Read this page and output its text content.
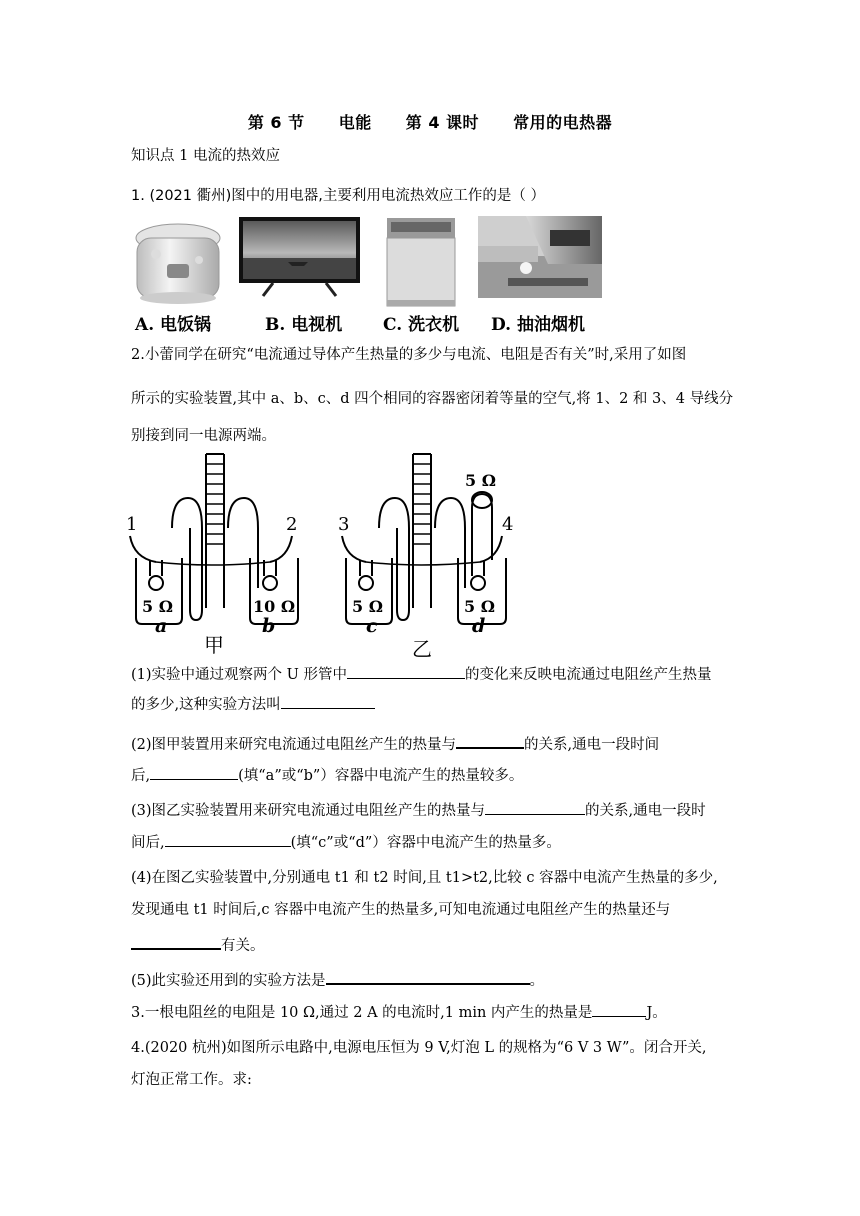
第 6 节 电能 第 4 课时 常用的电热器
知识点 1 电流的热效应
1. (2021 衢州)图中的用电器,主要利用电流热效应工作的是（ ）
A. 电饭锅	B. 电视机 C. 洗衣机 D. 抽油烟机
2.小蕾同学在研究“电流通过导体产生热量的多少与电流、电阻是否有关”时,采用了如图
所示的实验装置,其中 a、b、c、d 四个相同的容器密闭着等量的空气,将 1、2 和 3、4 导线分
别接到同一电源两端。
1	2 3	4
5 Ω	10 Ω	5 Ω	5 Ω
5 Ω
a	b	c	d
甲	乙
(1)实验中通过观察两个 U 形管中	的变化来反映电流通过电阻丝产生热量
的多少,这种实验方法叫
(2)图甲装置用来研究电流通过电阻丝产生的热量与	的关系,通电一段时间
后,	(填“a”或“b”）容器中电流产生的热量较多。
(3)图乙实验装置用来研究电流通过电阻丝产生的热量与	的关系,通电一段时
间后,	(填“c”或“d”）容器中电流产生的热量多。
(4)在图乙实验装置中,分别通电 t1 和 t2 时间,且 t1>t2,比较 c 容器中电流产生热量的多少,
发现通电 t1 时间后,c 容器中电流产生的热量多,可知电流通过电阻丝产生的热量还与
有关。
(5)此实验还用到的实验方法是	。
3.一根电阻丝的电阻是 10 Ω,通过 2 A 的电流时,1 min 内产生的热量是	J。
4.(2020 杭州)如图所示电路中,电源电压恒为 9 V,灯泡 L 的规格为“6 V 3 W”。闭合开关,
灯泡正常工作。求:
